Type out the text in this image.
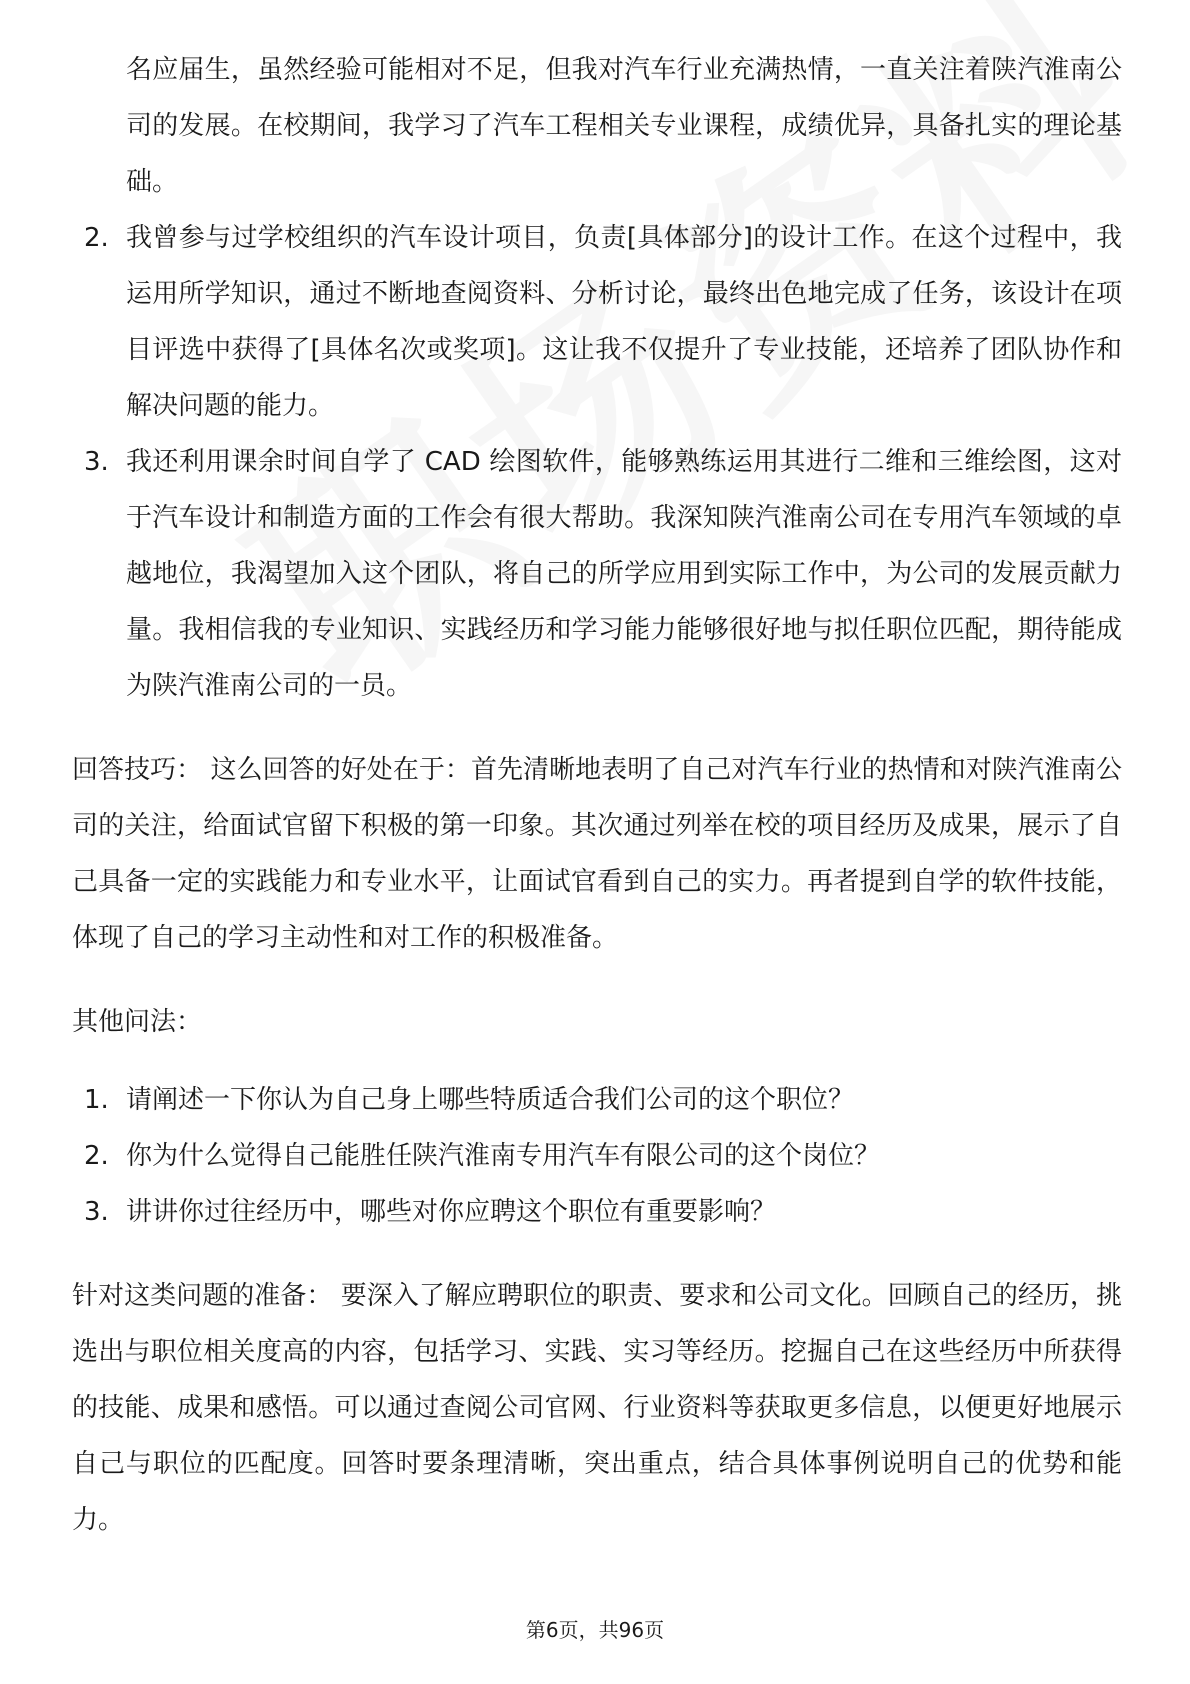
名应届生，虽然经验可能相对不足，但我对汽车行业充满热情，一直关注着陕汽淮南公司的发展。在校期间，我学习了汽车工程相关专业课程，成绩优异，具备扎实的理论基础。
2. 我曾参与过学校组织的汽车设计项目，负责[具体部分]的设计工作。在这个过程中，我运用所学知识，通过不断地查阅资料、分析讨论，最终出色地完成了任务，该设计在项目评选中获得了[具体名次或奖项]。这让我不仅提升了专业技能，还培养了团队协作和解决问题的能力。
3. 我还利用课余时间自学了 CAD 绘图软件，能够熟练运用其进行二维和三维绘图，这对于汽车设计和制造方面的工作会有很大帮助。我深知陕汽淮南公司在专用汽车领域的卓越地位，我渴望加入这个团队，将自己的所学应用到实际工作中，为公司的发展贡献力量。我相信我的专业知识、实践经历和学习能力能够很好地与拟任职位匹配，期待能成为陕汽淮南公司的一员。
回答技巧： 这么回答的好处在于：首先清晰地表明了自己对汽车行业的热情和对陕汽淮南公司的关注，给面试官留下积极的第一印象。其次通过列举在校的项目经历及成果，展示了自己具备一定的实践能力和专业水平，让面试官看到自己的实力。再者提到自学的软件技能，体现了自己的学习主动性和对工作的积极准备。
其他问法：
1. 请阐述一下你认为自己身上哪些特质适合我们公司的这个职位？
2. 你为什么觉得自己能胜任陕汽淮南专用汽车有限公司的这个岗位？
3. 讲讲你过往经历中，哪些对你应聘这个职位有重要影响？
针对这类问题的准备： 要深入了解应聘职位的职责、要求和公司文化。回顾自己的经历，挑选出与职位相关度高的内容，包括学习、实践、实习等经历。挖掘自己在这些经历中所获得的技能、成果和感悟。可以通过查阅公司官网、行业资料等获取更多信息，以便更好地展示自己与职位的匹配度。回答时要条理清晰，突出重点，结合具体事例说明自己的优势和能力。
第6页，共96页
